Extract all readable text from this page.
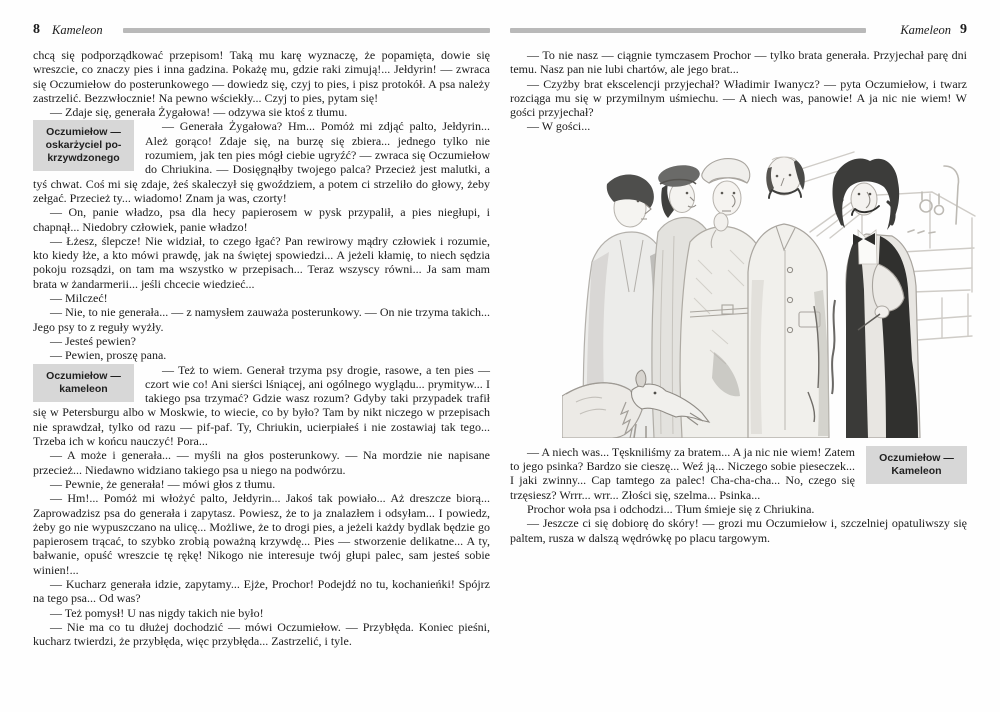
8 Kameleon

chcą się podporządkować przepisom! Taką mu karę wyznaczę, że popamięta, dowie się wreszcie, co znaczy pies i inna gadzina. Pokażę mu, gdzie raki zimują!... Jełdyrin! — zwraca się Oczumiełow do posterunkowego — dowiedz się, czyj to pies, i pisz protokół. A psa należy zastrzelić. Bezzwłocznie! Na pewno wściekły... Czyj to pies, pytam się!

— Zdaje się, generała Żygałowa! — odzywa sie ktoś z tłumu.

Oczumiełow —
oskarżyciel po-
krzywdzonego

— Generała Żygałowa? Hm... Pomóż mi zdjąć palto, Jełdyrin... Ależ gorąco! Zdaje się, na burzę się zbiera... jednego tylko nie rozumiem, jak ten pies mógł ciebie ugryźć? — zwraca się Oczumiełow do Chriukina. — Dosięgnąłby twojego palca? Przecież jest malutki, a tyś chwat. Coś mi się zdaje, żeś skaleczył się gwoździem, a potem ci strzeliło do głowy, żeby zełgać. Przecież ty... wiadomo! Znam ja was, czorty!

— On, panie władzo, psa dla hecy papierosem w pysk przypalił, a pies niegłupi, i chapnął... Niedobry człowiek, panie władzo!

— Łżesz, ślepcze! Nie widział, to czego łgać? Pan rewirowy mądry człowiek i rozumie, kto kiedy łże, a kto mówi prawdę, jak na świętej spowiedzi... A jeżeli kłamię, to niech sędzia pokoju rozsądzi, on tam ma wszystko w przepisach... Teraz wszyscy równi... Ja sam mam brata w żandarmerii... jeśli chcecie wiedzieć...

— Milczeć!

— Nie, to nie generała... — z namysłem zauważa posterunkowy. — On nie trzyma takich... Jego psy to z reguły wyżły.

— Jesteś pewien?

— Pewien, proszę pana.

Oczumiełow —
kameleon

— Też to wiem. Generał trzyma psy drogie, rasowe, a ten pies — czort wie co! Ani sierści lśniącej, ani ogólnego wyglądu... prymityw... I takiego psa trzymać? Gdzie wasz rozum? Gdyby taki przypadek trafił się w Petersburgu albo w Moskwie, to wiecie, co by było? Tam by nikt niczego w przepisach nie sprawdzał, tylko od razu — pif-paf. Ty, Chriukin, ucierpiałeś i nie zostawiaj tak tego... Trzeba ich w końcu nauczyć! Pora...

— A może i generała... — myśli na głos posterunkowy. — Na mordzie nie napisane przecież... Niedawno widziano takiego psa u niego na podwórzu.

— Pewnie, że generała! — mówi głos z tłumu.

— Hm!... Pomóż mi włożyć palto, Jełdyrin... Jakoś tak powiało... Aż dreszcze biorą... Zaprowadzisz psa do generała i zapytasz. Powiesz, że to ja znalazłem i odsyłam... I powiedz, żeby go nie wypuszczano na ulicę... Możliwe, że to drogi pies, a jeżeli każdy bydlak będzie go papierosem trącać, to szybko zrobią poważną krzywdę... Pies — stworzenie delikatne... A ty, bałwanie, opuść wreszcie tę rękę! Nikogo nie interesuje twój głupi palec, sam jesteś sobie winien!...

— Kucharz generała idzie, zapytamy... Ejże, Prochor! Podejdź no tu, kochanieńki! Spójrz na tego psa... Od was?

— Też pomysł! U nas nigdy takich nie było!

— Nie ma co tu dłużej dochodzić — mówi Oczumiełow. — Przybłęda. Koniec pieśni, kucharz twierdzi, że przybłęda, więc przybłęda... Zastrzelić, i tyle.

Kameleon 9

— To nie nasz — ciągnie tymczasem Prochor — tylko brata generała. Przyjechał parę dni temu. Nasz pan nie lubi chartów, ale jego brat...

— Czyżby brat ekscelencji przyjechał? Władimir Iwanycz? — pyta Oczumiełow, i twarz rozciąga mu się w przymilnym uśmiechu. — A niech was, panowie! A ja nic nie wiem! W gości przyjechał?

— W gości...

Oczumiełow —
Kameleon

— A niech was... Tęskniliśmy za bratem... A ja nic nie wiem! Zatem to jego psinka? Bardzo sie cieszę... Weź ją... Niczego sobie pieseczek... I jaki zwinny... Cap tamtego za palec! Cha-cha-cha... No, czego się trzęsiesz? Wrrr... wrr... Złości się, szelma... Psinka...

Prochor woła psa i odchodzi... Tłum śmieje się z Chriukina.

— Jeszcze ci się dobiorę do skóry! — grozi mu Oczumiełow i, szczelniej opatuliwszy się paltem, rusza w dalszą wędrówkę po placu targowym.
